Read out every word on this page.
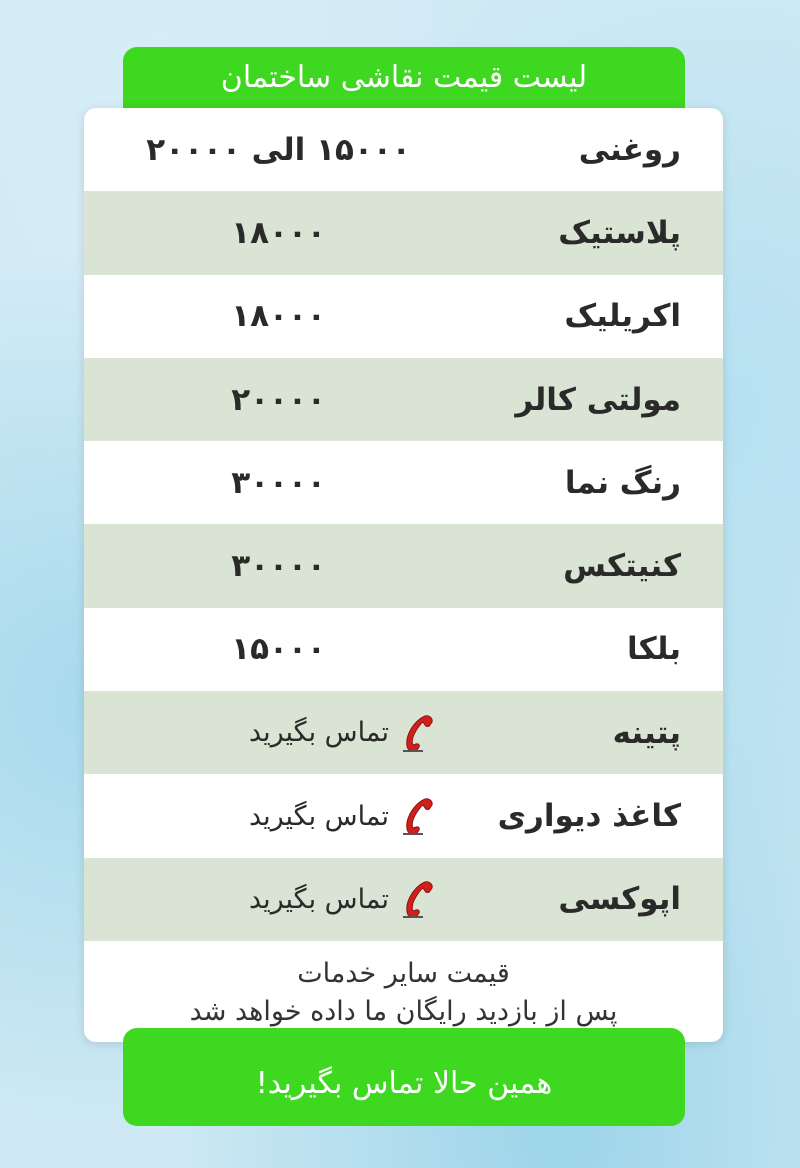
لیست قیمت نقاشی ساختمان
روغنی
۱۵۰۰۰ الی ۲۰۰۰۰
پلاستیک
۱۸۰۰۰
اکریلیک
۱۸۰۰۰
مولتی کالر
۲۰۰۰۰
رنگ نما
۳۰۰۰۰
کنیتکس
۳۰۰۰۰
بلکا
۱۵۰۰۰
پتینه
تماس بگیرید
کاغذ دیواری
تماس بگیرید
اپوکسی
تماس بگیرید
قیمت سایر خدمات
پس از بازدید رایگان ما داده خواهد شد
همین حالا تماس بگیرید!
